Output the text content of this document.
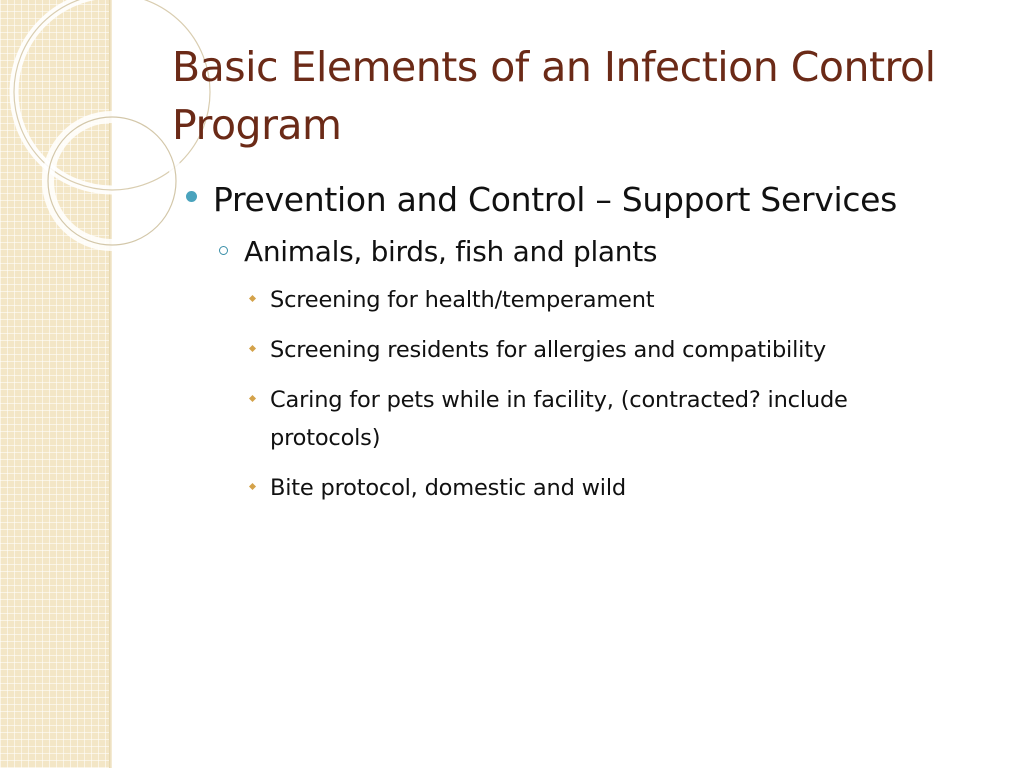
Basic Elements of an Infection Control Program
Prevention and Control – Support Services
Animals, birds, fish and plants
Screening for health/temperament
Screening residents for allergies and compatibility
Caring for pets while in facility, (contracted? include protocols)
Bite protocol, domestic and wild
